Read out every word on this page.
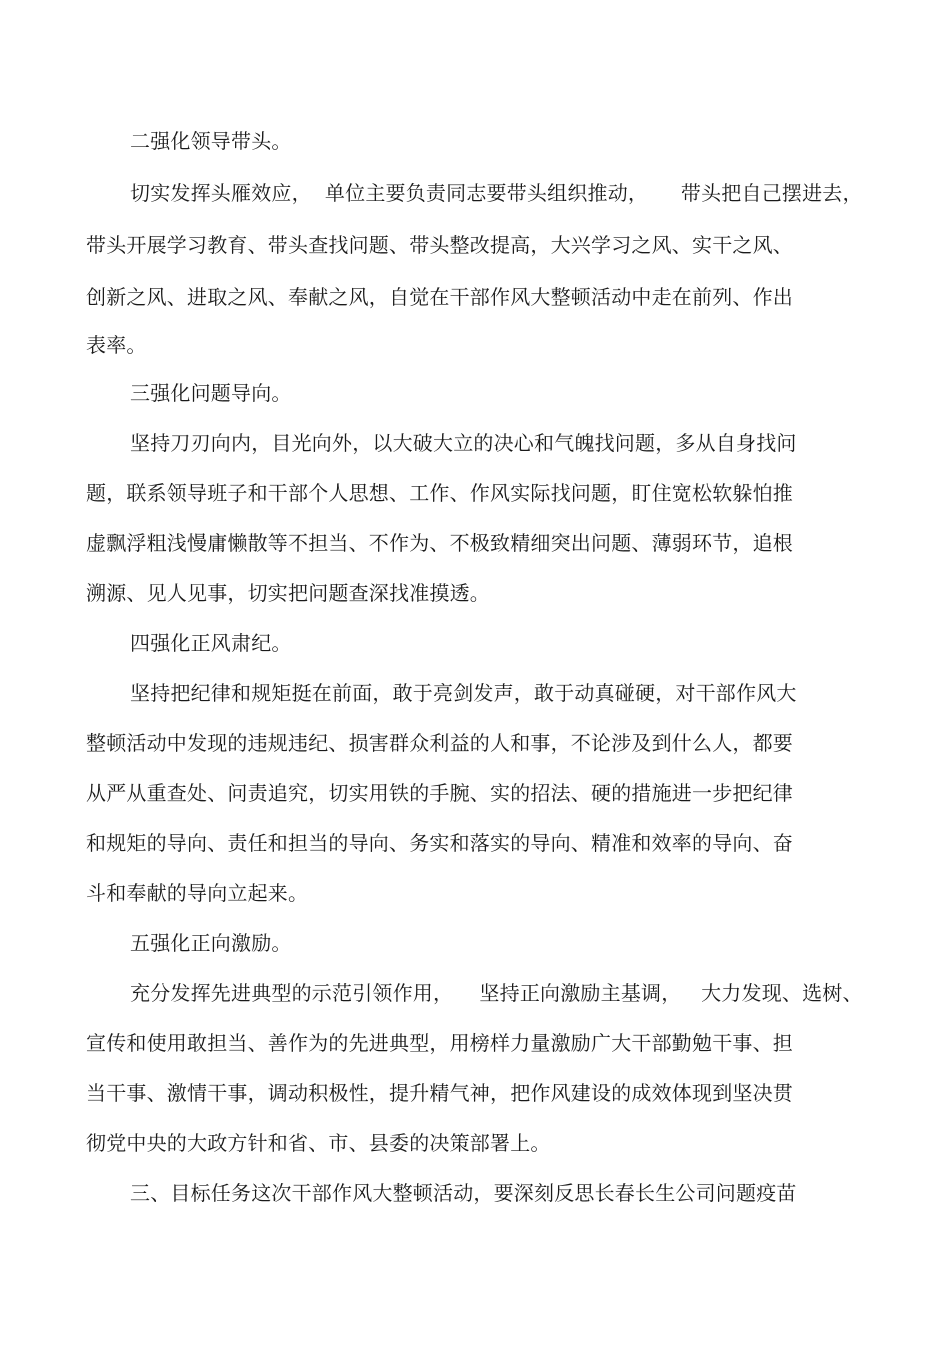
二强化领导带头。
切实发挥头雁效应，  单位主要负责同志要带头组织推动，     带头把自己摆进去，
带头开展学习教育、带头查找问题、带头整改提高，大兴学习之风、实干之风、
创新之风、进取之风、奉献之风，自觉在干部作风大整顿活动中走在前列、作出
表率。
三强化问题导向。
坚持刀刃向内，目光向外，以大破大立的决心和气魄找问题，多从自身找问
题，联系领导班子和干部个人思想、工作、作风实际找问题，盯住宽松软躲怕推
虚飘浮粗浅慢庸懒散等不担当、不作为、不极致精细突出问题、薄弱环节，追根
溯源、见人见事，切实把问题查深找准摸透。
四强化正风肃纪。
坚持把纪律和规矩挺在前面，敢于亮剑发声，敢于动真碰硬，对干部作风大
整顿活动中发现的违规违纪、损害群众利益的人和事，不论涉及到什么人，都要
从严从重查处、问责追究，切实用铁的手腕、实的招法、硬的措施进一步把纪律
和规矩的导向、责任和担当的导向、务实和落实的导向、精准和效率的导向、奋
斗和奉献的导向立起来。
五强化正向激励。
充分发挥先进典型的示范引领作用，    坚持正向激励主基调，   大力发现、选树、
宣传和使用敢担当、善作为的先进典型，用榜样力量激励广大干部勤勉干事、担
当干事、激情干事，调动积极性，提升精气神，把作风建设的成效体现到坚决贯
彻党中央的大政方针和省、市、县委的决策部署上。
三、目标任务这次干部作风大整顿活动，要深刻反思长春长生公司问题疫苗
